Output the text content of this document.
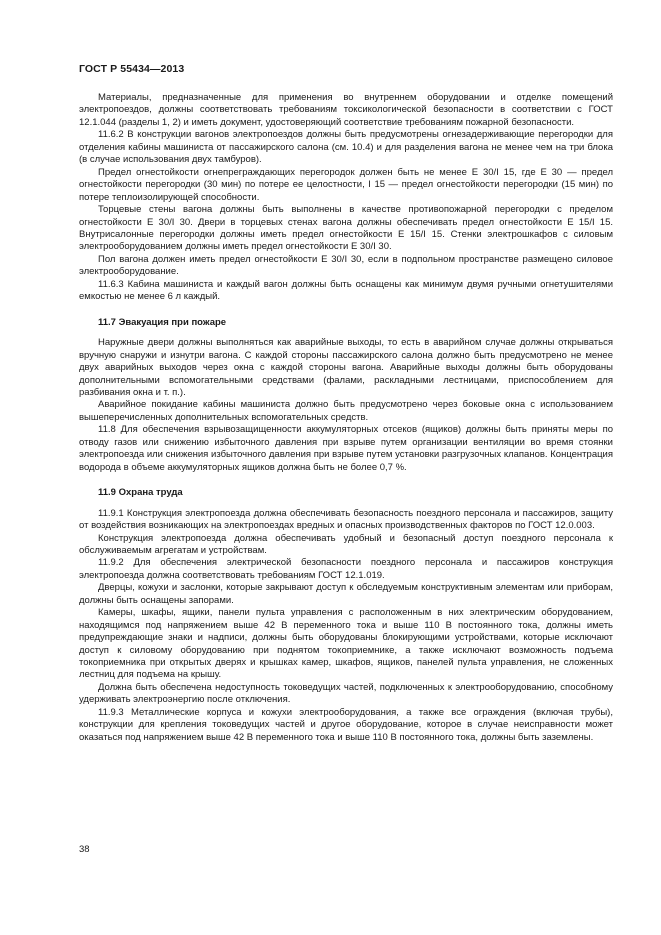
ГОСТ Р 55434—2013

Материалы, предназначенные для применения во внутреннем оборудовании и отделке помещений электропоездов, должны соответствовать требованиям токсикологической безопасности в соответствии с ГОСТ 12.1.044 (разделы 1, 2) и иметь документ, удостоверяющий соответствие требованиям пожарной безопасности.

11.6.2 В конструкции вагонов электропоездов должны быть предусмотрены огнезадерживающие перегородки для отделения кабины машиниста от пассажирского салона (см. 10.4) и для разделения вагона не менее чем на три блока (в случае использования двух тамбуров).

Предел огнестойкости огнепреграждающих перегородок должен быть не менее Е 30/I 15, где Е 30 — предел огнестойкости перегородки (30 мин) по потере ее целостности, I 15 — предел огнестойкости перегородки (15 мин) по потере теплоизолирующей способности.

Торцевые стены вагона должны быть выполнены в качестве противопожарной перегородки с пределом огнестойкости Е 30/I 30. Двери в торцевых стенах вагона должны обеспечивать предел огнестойкости Е 15/I 15. Внутрисалонные перегородки должны иметь предел огнестойкости Е 15/I 15. Стенки электрошкафов с силовым электрооборудованием должны иметь предел огнестойкости Е 30/I 30.

Пол вагона должен иметь предел огнестойкости Е 30/I 30, если в подпольном пространстве размещено силовое электрооборудование.

11.6.3 Кабина машиниста и каждый вагон должны быть оснащены как минимум двумя ручными огнетушителями емкостью не менее 6 л каждый.

11.7 Эвакуация при пожаре

Наружные двери должны выполняться как аварийные выходы, то есть в аварийном случае должны открываться вручную снаружи и изнутри вагона. С каждой стороны пассажирского салона должно быть предусмотрено не менее двух аварийных выходов через окна с каждой стороны вагона. Аварийные выходы должны быть оборудованы дополнительными вспомогательными средствами (фалами, раскладными лестницами, приспособлением для разбивания окна и т. п.).

Аварийное покидание кабины машиниста должно быть предусмотрено через боковые окна с использованием вышеперечисленных дополнительных вспомогательных средств.

11.8 Для обеспечения взрывозащищенности аккумуляторных отсеков (ящиков) должны быть приняты меры по отводу газов или снижению избыточного давления при взрыве путем организации вентиляции во время стоянки электропоезда или снижения избыточного давления при взрыве путем установки разгрузочных клапанов. Концентрация водорода в объеме аккумуляторных ящиков должна быть не более 0,7 %.

11.9 Охрана труда

11.9.1 Конструкция электропоезда должна обеспечивать безопасность поездного персонала и пассажиров, защиту от воздействия возникающих на электропоездах вредных и опасных производственных факторов по ГОСТ 12.0.003.

Конструкция электропоезда должна обеспечивать удобный и безопасный доступ поездного персонала к обслуживаемым агрегатам и устройствам.

11.9.2 Для обеспечения электрической безопасности поездного персонала и пассажиров конструкция электропоезда должна соответствовать требованиям ГОСТ 12.1.019.

Дверцы, кожухи и заслонки, которые закрывают доступ к обследуемым конструктивным элементам или приборам, должны быть оснащены запорами.

Камеры, шкафы, ящики, панели пульта управления с расположенным в них электрическим оборудованием, находящимся под напряжением выше 42 В переменного тока и выше 110 В постоянного тока, должны иметь предупреждающие знаки и надписи, должны быть оборудованы блокирующими устройствами, которые исключают доступ к силовому оборудованию при поднятом токоприемнике, а также исключают возможность подъема токоприемника при открытых дверях и крышках камер, шкафов, ящиков, панелей пульта управления, не сложенных лестниц для подъема на крышу.

Должна быть обеспечена недоступность токоведущих частей, подключенных к электрооборудованию, способному удерживать электроэнергию после отключения.

11.9.3 Металлические корпуса и кожухи электрооборудования, а также все ограждения (включая трубы), конструкции для крепления токоведущих частей и другое оборудование, которое в случае неисправности может оказаться под напряжением выше 42 В переменного тока и выше 110 В постоянного тока, должны быть заземлены.

38
